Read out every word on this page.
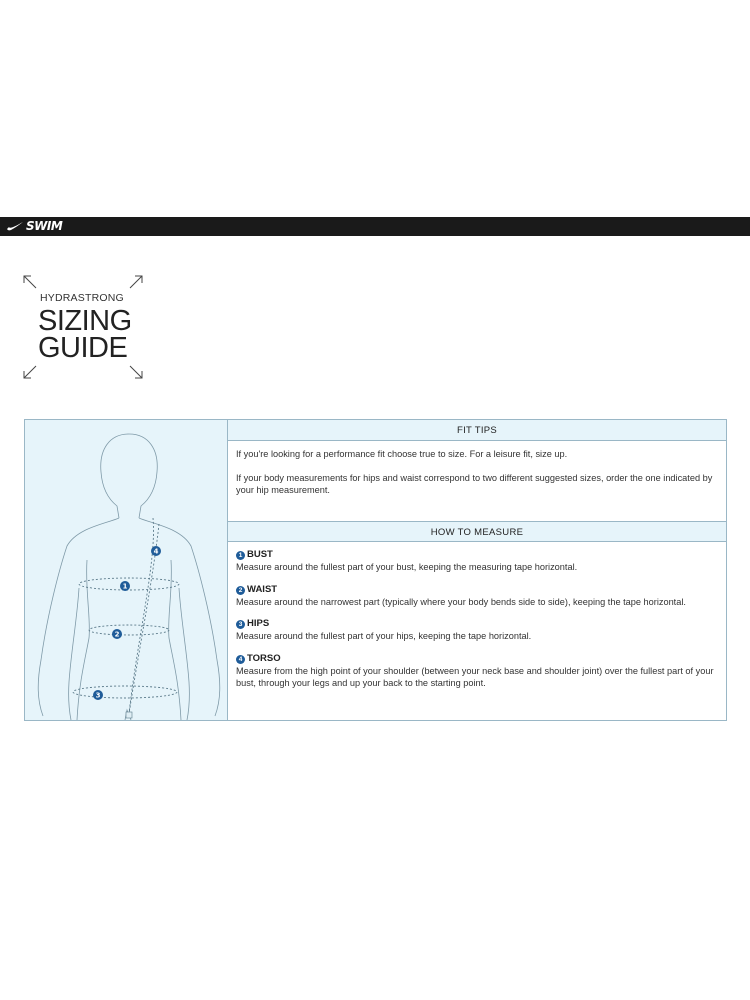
SWIM
HYDRASTRONG
SIZING
GUIDE
1
2
3
4
FIT TIPS
If you're looking for a performance fit choose true to size. For a leisure fit, size up.
If your body measurements for hips and waist correspond to two different suggested sizes, order the one indicated by your hip measurement.
HOW TO MEASURE
1 BUST
Measure around the fullest part of your bust, keeping the measuring tape horizontal.
2 WAIST
Measure around the narrowest part (typically where your body bends side to side), keeping the tape horizontal.
3 HIPS
Measure around the fullest part of your hips, keeping the tape horizontal.
4 TORSO
Measure from the high point of your shoulder (between your neck base and shoulder joint) over the fullest part of your bust, through your legs and up your back to the starting point.
